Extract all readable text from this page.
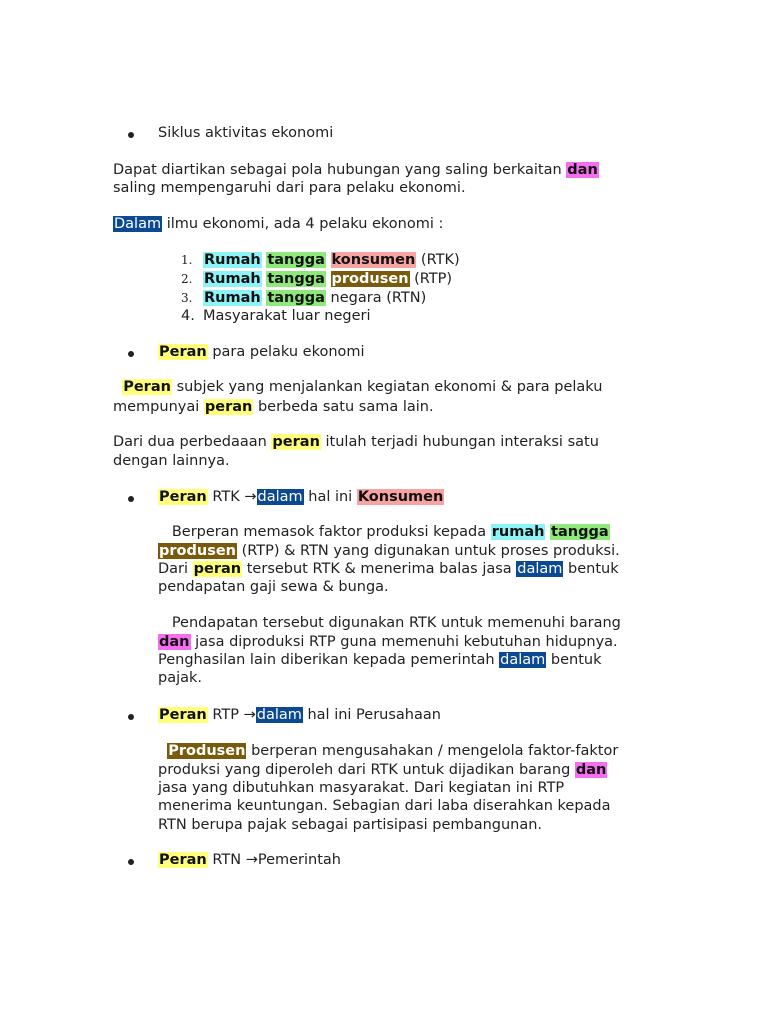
Siklus aktivitas ekonomi

Dapat diartikan sebagai pola hubungan yang saling berkaitan dan

saling mempengaruhi dari para pelaku ekonomi.

Dalam ilmu ekonomi, ada 4 pelaku ekonomi :

1. Rumah tangga konsumen (RTK)

2. Rumah tangga produsen (RTP)

3. Rumah tangga negara (RTN)

4. Masyarakat luar negeri

Peran para pelaku ekonomi

Peran subjek yang menjalankan kegiatan ekonomi & para pelaku

mempunyai peran berbeda satu sama lain.

Dari dua perbedaaan peran itulah terjadi hubungan interaksi satu

dengan lainnya.

Peran RTK →dalam hal ini Konsumen

Berperan memasok faktor produksi kepada rumah tangga

produsen (RTP) & RTN yang digunakan untuk proses produksi.

Dari peran tersebut RTK & menerima balas jasa dalam bentuk

pendapatan gaji sewa & bunga.

Pendapatan tersebut digunakan RTK untuk memenuhi barang

dan jasa diproduksi RTP guna memenuhi kebutuhan hidupnya.

Penghasilan lain diberikan kepada pemerintah dalam bentuk

pajak.

Peran RTP →dalam hal ini Perusahaan

Produsen berperan mengusahakan / mengelola faktor-faktor

produksi yang diperoleh dari RTK untuk dijadikan barang dan

jasa yang dibutuhkan masyarakat. Dari kegiatan ini RTP

menerima keuntungan. Sebagian dari laba diserahkan kepada

RTN berupa pajak sebagai partisipasi pembangunan.

Peran RTN →Pemerintah
